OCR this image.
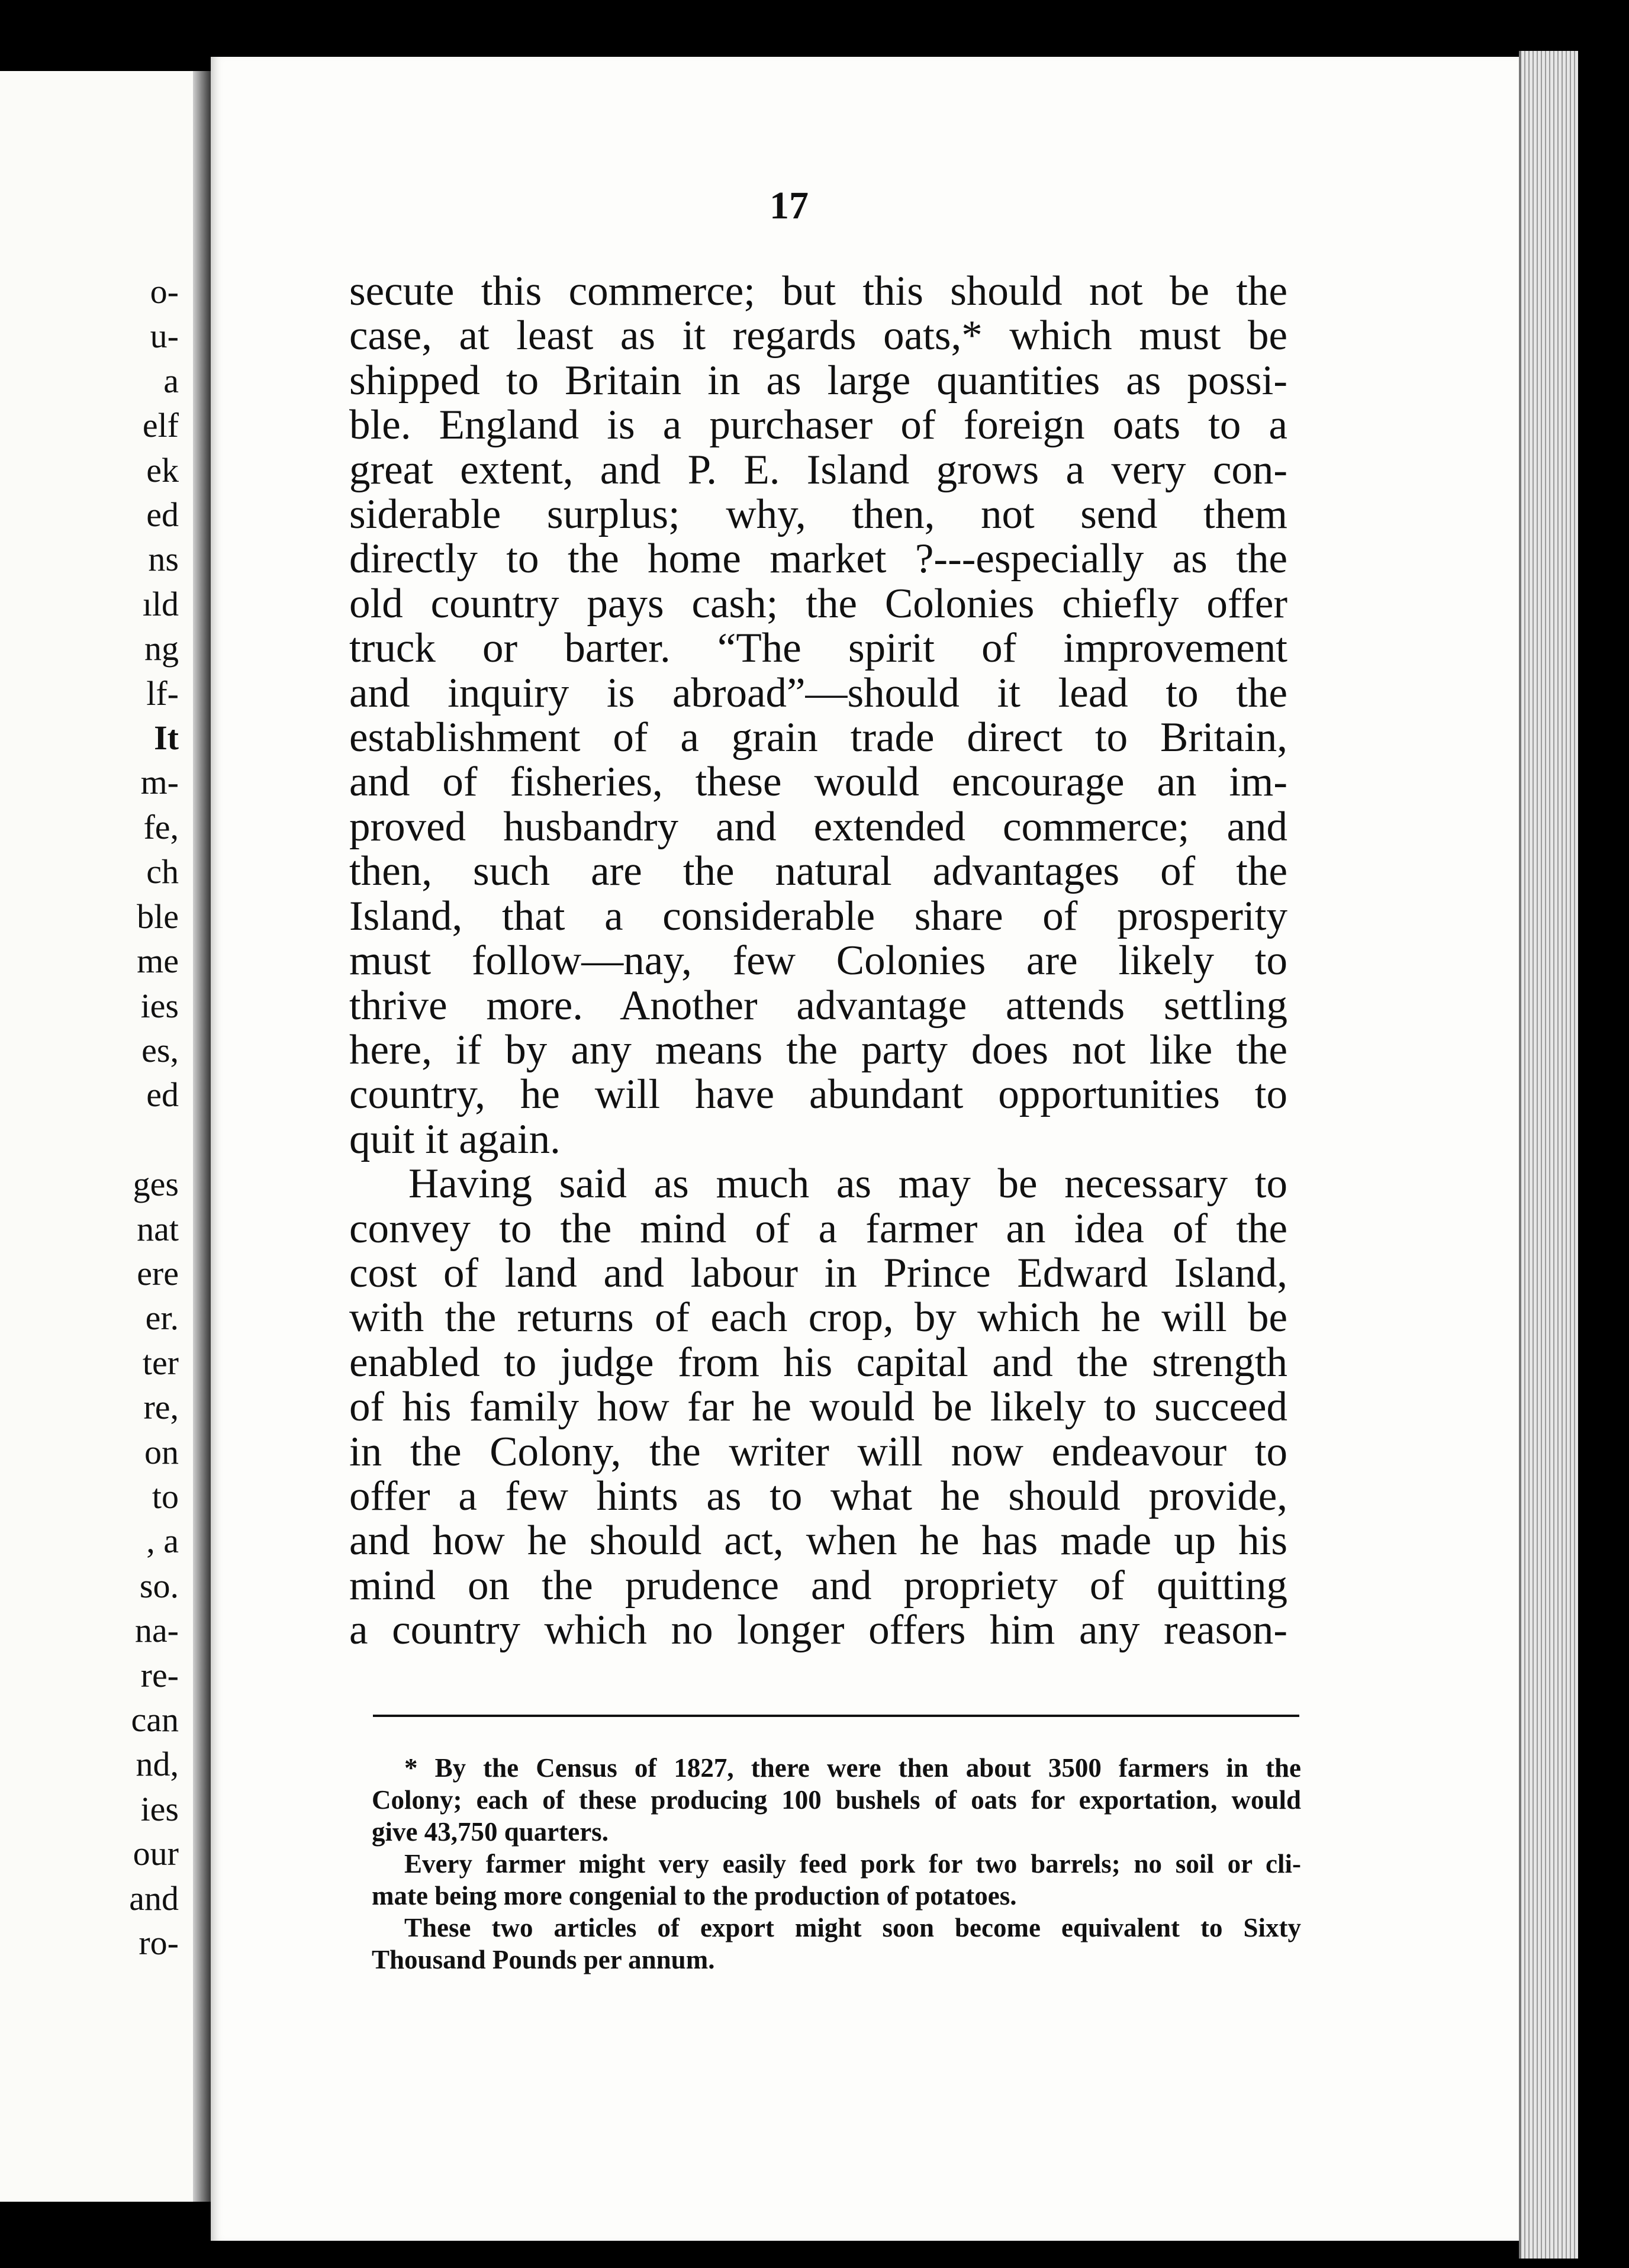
o-
u-
a
elf
ek
ed
ns
ıld
ng
lf-
It
m-
fe,
ch
ble
me
ies
es,
ed
ges
nat
ere
er.
ter
re,
on
to
, a
so.
na-
re-
can
nd,
ies
our
and
ro-
17
secute this commerce; but this should not be the
case, at least as it regards oats,* which must be
shipped to Britain in as large quantities as possi-
ble. England is a purchaser of foreign oats to a
great extent, and P. E. Island grows a very con-
siderable surplus; why, then, not send them
directly to the home market ?---especially as the
old country pays cash; the Colonies chiefly offer
truck or barter. “The spirit of improvement
and inquiry is abroad”—should it lead to the
establishment of a grain trade direct to Britain,
and of fisheries, these would encourage an im-
proved husbandry and extended commerce; and
then, such are the natural advantages of the
Island, that a considerable share of prosperity
must follow—nay, few Colonies are likely to
thrive more. Another advantage attends settling
here, if by any means the party does not like the
country, he will have abundant opportunities to
quit it again.
Having said as much as may be necessary to
convey to the mind of a farmer an idea of the
cost of land and labour in Prince Edward Island,
with the returns of each crop, by which he will be
enabled to judge from his capital and the strength
of his family how far he would be likely to succeed
in the Colony, the writer will now endeavour to
offer a few hints as to what he should provide,
and how he should act, when he has made up his
mind on the prudence and propriety of quitting
a country which no longer offers him any reason-
* By the Census of 1827, there were then about 3500 farmers in the
Colony; each of these producing 100 bushels of oats for exportation, would
give 43,750 quarters.
Every farmer might very easily feed pork for two barrels; no soil or cli-
mate being more congenial to the production of potatoes.
These two articles of export might soon become equivalent to Sixty
Thousand Pounds per annum.
